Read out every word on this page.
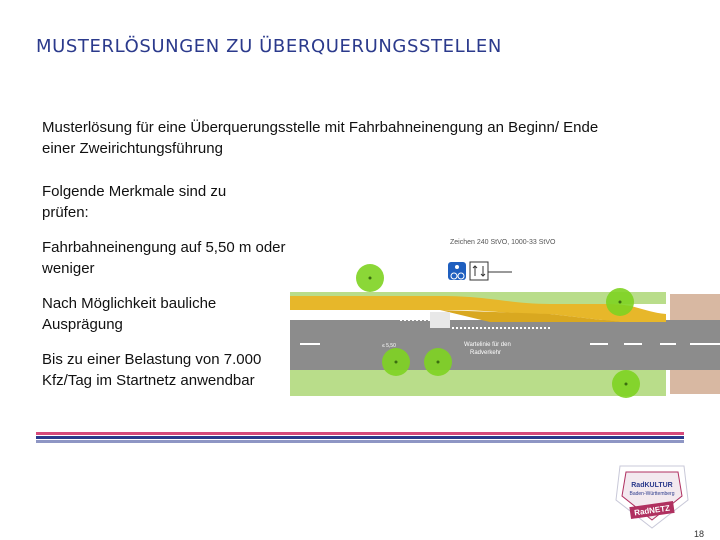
MUSTERLÖSUNGEN ZU ÜBERQUERUNGSSTELLEN
Musterlösung für eine Überquerungsstelle mit Fahrbahneinengung an Beginn/ Ende einer Zweirichtungsführung
Folgende Merkmale sind zu prüfen:
Fahrbahneinengung auf 5,50 m oder weniger
Nach Möglichkeit bauliche Ausprägung
Bis zu einer Belastung von 7.000 Kfz/Tag im Startnetz anwendbar
Zeichen 240 StVO, 1000-33 StVO
≤ 5,50	Wartelinie für den
Radverkehr
RadKULTUR
Baden-Württemberg
RadNETZ
18
